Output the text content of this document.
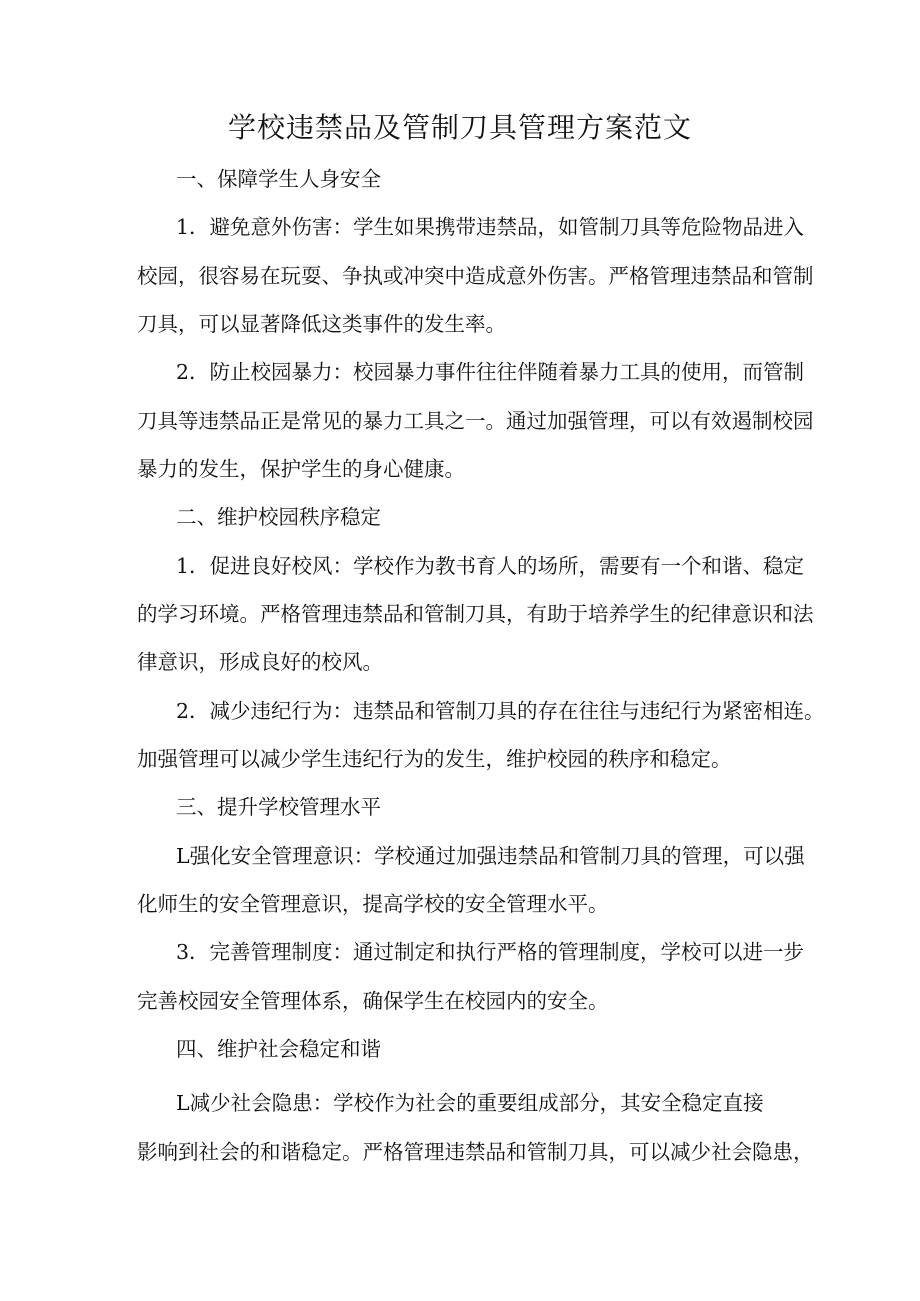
学校违禁品及管制刀具管理方案范文
一、保障学生人身安全
1．避免意外伤害：学生如果携带违禁品，如管制刀具等危险物品进入
校园，很容易在玩耍、争执或冲突中造成意外伤害。严格管理违禁品和管制
刀具，可以显著降低这类事件的发生率。
2．防止校园暴力：校园暴力事件往往伴随着暴力工具的使用，而管制
刀具等违禁品正是常见的暴力工具之一。通过加强管理，可以有效遏制校园
暴力的发生，保护学生的身心健康。
二、维护校园秩序稳定
1．促进良好校风：学校作为教书育人的场所，需要有一个和谐、稳定
的学习环境。严格管理违禁品和管制刀具，有助于培养学生的纪律意识和法
律意识，形成良好的校风。
2．减少违纪行为：违禁品和管制刀具的存在往往与违纪行为紧密相连。
加强管理可以减少学生违纪行为的发生，维护校园的秩序和稳定。
三、提升学校管理水平
L强化安全管理意识：学校通过加强违禁品和管制刀具的管理，可以强
化师生的安全管理意识，提高学校的安全管理水平。
3．完善管理制度：通过制定和执行严格的管理制度，学校可以进一步
完善校园安全管理体系，确保学生在校园内的安全。
四、维护社会稳定和谐
L减少社会隐患：学校作为社会的重要组成部分，其安全稳定直接
影响到社会的和谐稳定。严格管理违禁品和管制刀具，可以减少社会隐患，
